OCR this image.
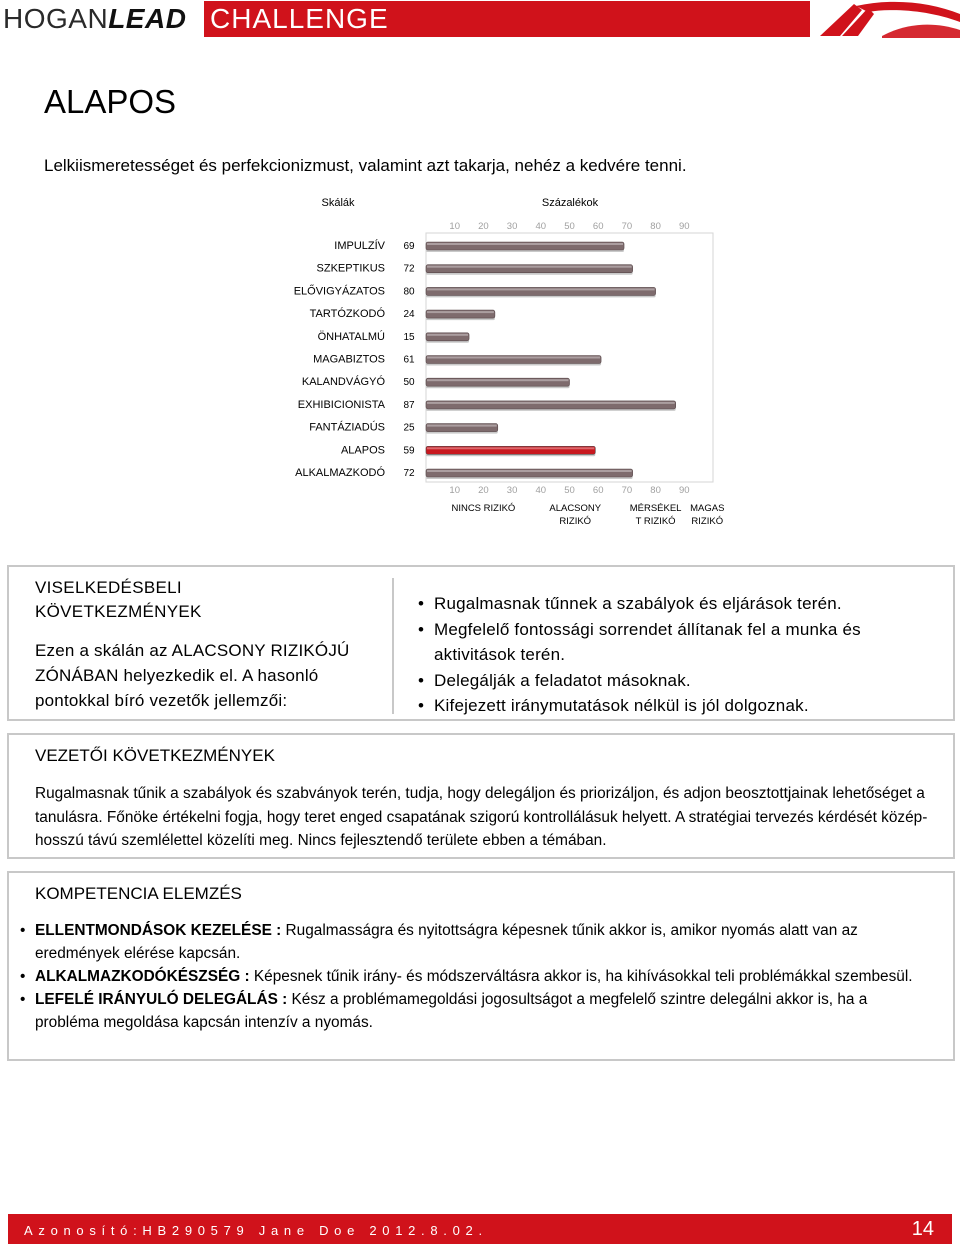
HOGANLEAD CHALLENGE
ALAPOS
Lelkiismeretességet és perfekcionizmust, valamint azt takarja, nehéz a kedvére tenni.
Skálák	Százalékok
10
10
20
20
30
30
40
40
50
50
60
60
70
70
80
80
90
90
IMPULZÍV 69
SZKEPTIKUS 72
ELŐVIGYÁZATOS 80
TARTÓZKODÓ 24
ÖNHATALMÚ 15
MAGABIZTOS 61
KALANDVÁGYÓ 50
EXHIBICIONISTA 87
FANTÁZIADÚS 25
ALAPOS 59
ALKALMAZKODÓ 72
NINCS RIZIKÓ	ALACSONY
RIZIKÓ
MÉRSÉKEL
T RIZIKÓ
MAGAS
RIZIKÓ
VISELKEDÉSBELI KÖVETKEZMÉNYEK
Ezen a skálán az ALACSONY RIZIKÓJÚ ZÓNÁBAN helyezkedik el. A hasonló pontokkal bíró vezetők jellemzői:
• Rugalmasnak tűnnek a szabályok és eljárások terén.
• Megfelelő fontossági sorrendet állítanak fel a munka és aktivitások terén.
• Delegálják a feladatot másoknak.
• Kifejezett iránymutatások nélkül is jól dolgoznak.
VEZETŐI KÖVETKEZMÉNYEK
Rugalmasnak tűnik a szabályok és szabványok terén, tudja, hogy delegáljon és priorizáljon, és adjon beosztottjainak lehetőséget a tanulásra. Főnöke értékelni fogja, hogy teret enged csapatának szigorú kontrollálásuk helyett. A stratégiai tervezés kérdését közép-hosszú távú szemlélettel közelíti meg. Nincs fejlesztendő területe ebben a témában.
KOMPETENCIA ELEMZÉS
• ELLENTMONDÁSOK KEZELÉSE : Rugalmasságra és nyitottságra képesnek tűnik akkor is, amikor nyomás alatt van az eredmények elérése kapcsán.
• ALKALMAZKODÓKÉSZSÉG : Képesnek tűnik irány- és módszerváltásra akkor is, ha kihívásokkal teli problémákkal szembesül.
• LEFELÉ IRÁNYULÓ DELEGÁLÁS : Kész a problémamegoldási jogosultságot a megfelelő szintre delegálni akkor is, ha a probléma megoldása kapcsán intenzív a nyomás.
Azonosító:HB290579 Jane Doe 2012.8.02.	14
